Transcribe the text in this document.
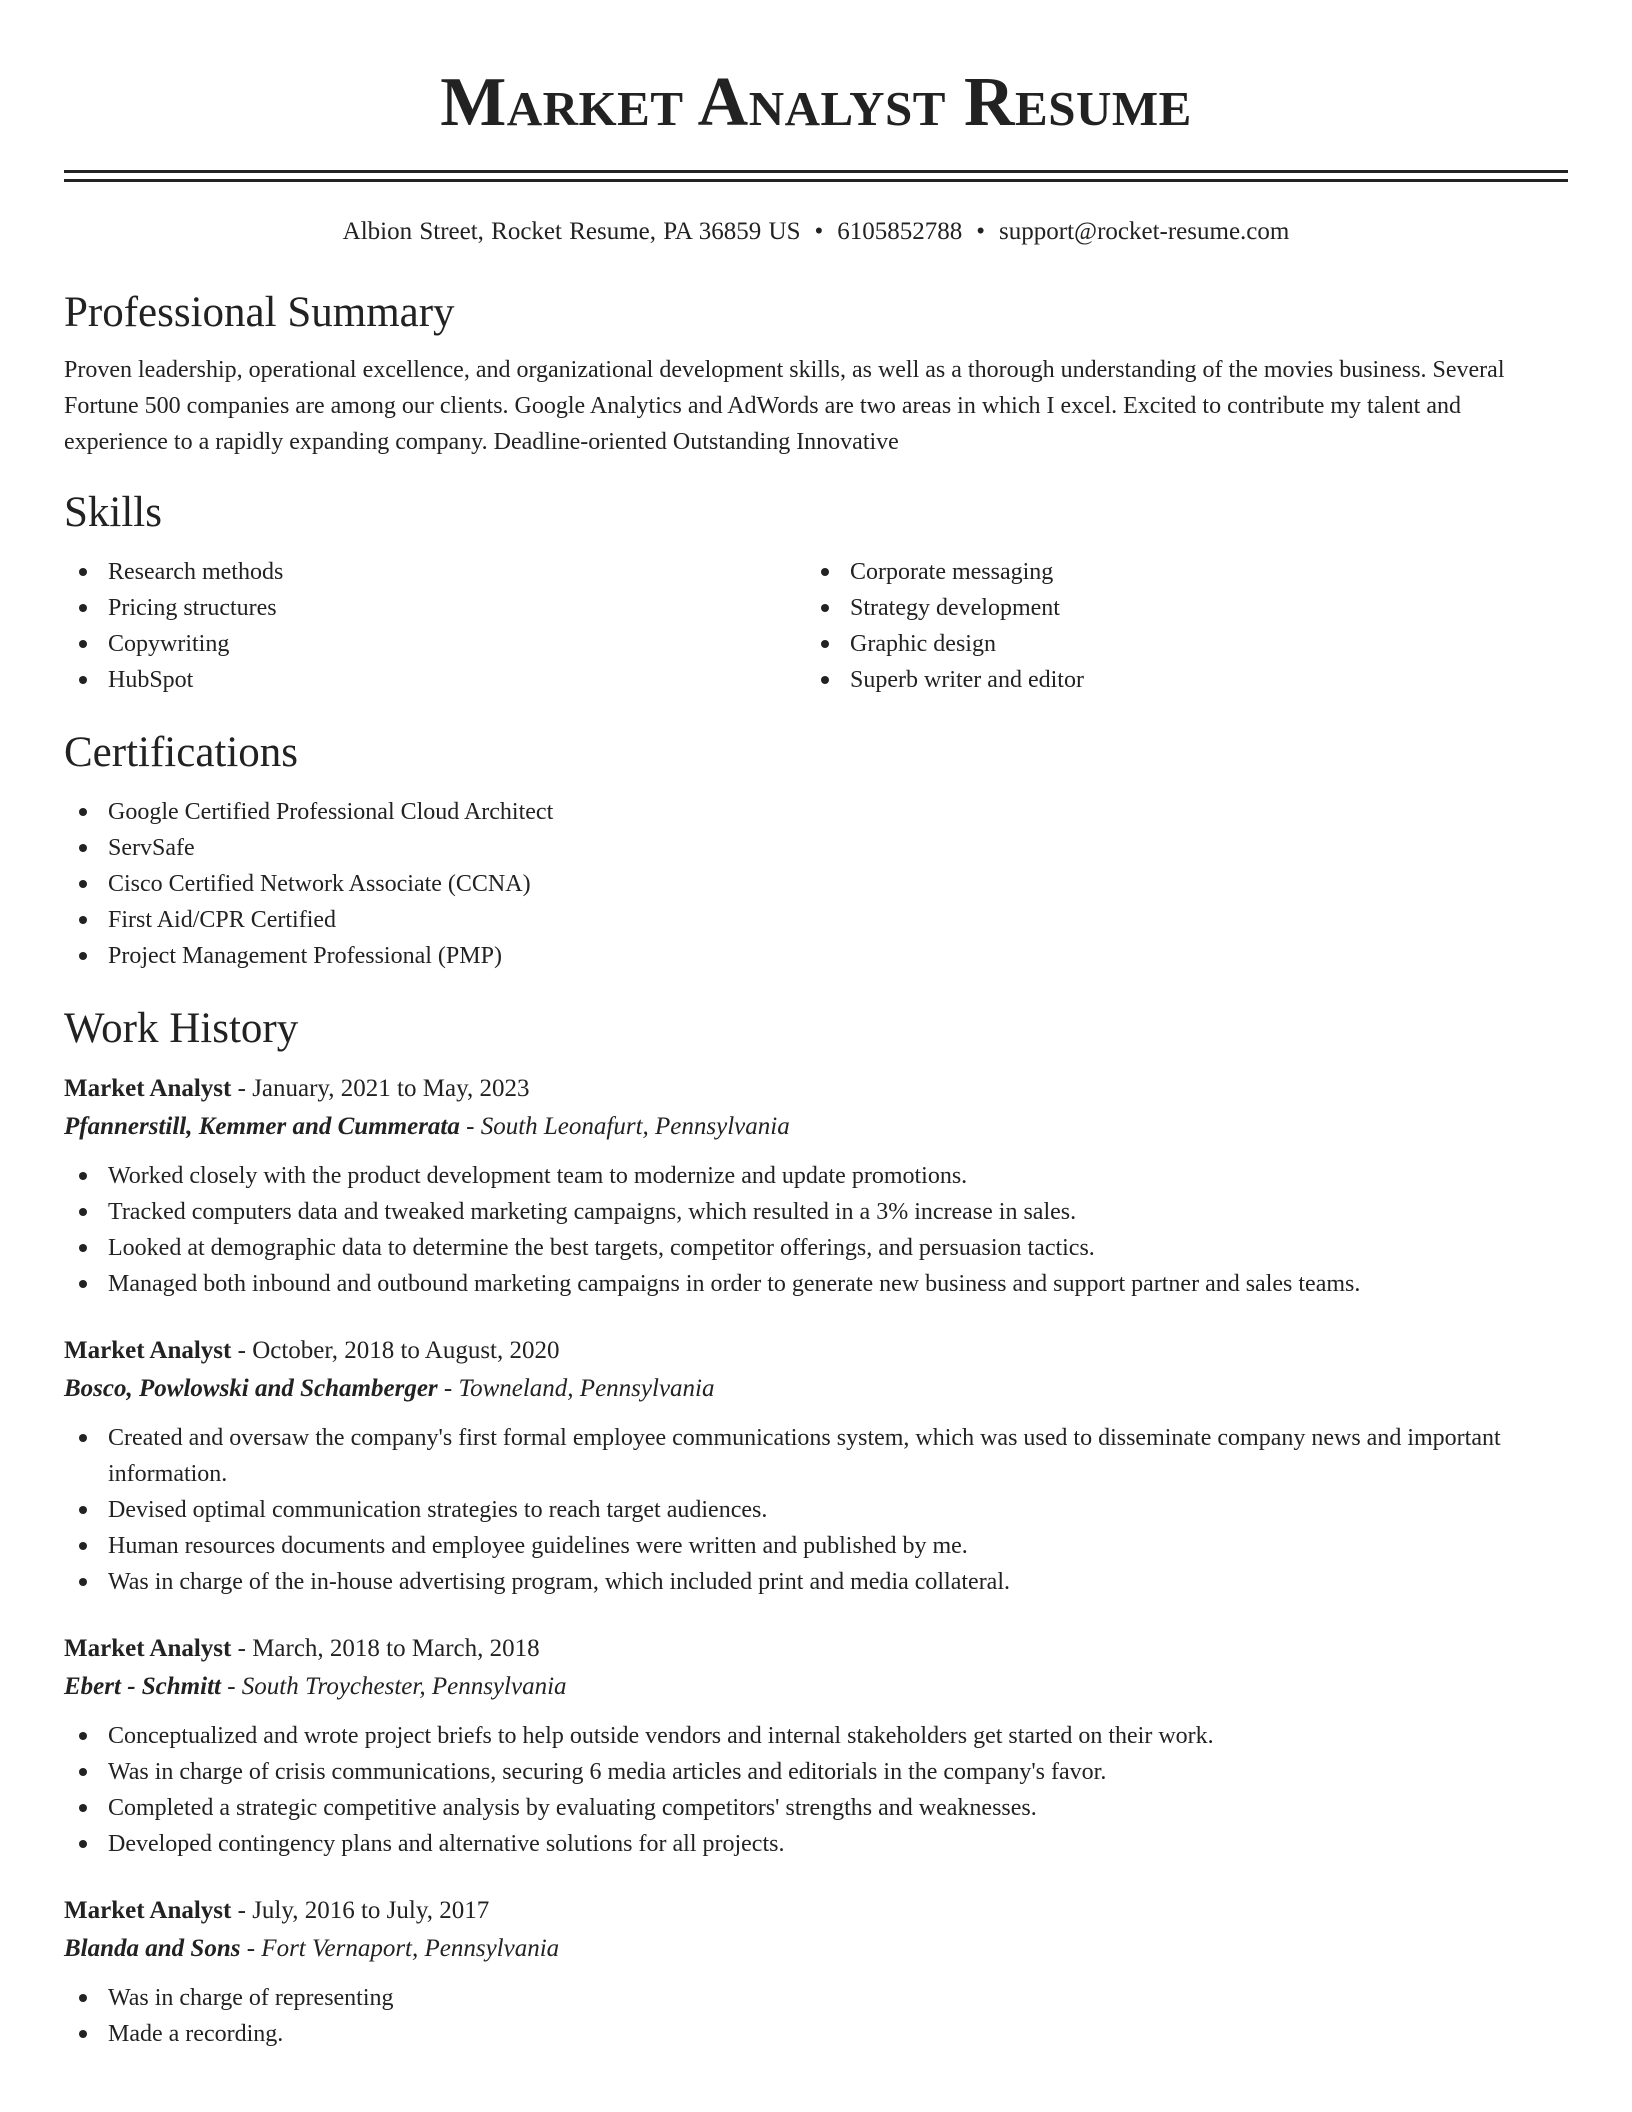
Market Analyst Resume
Albion Street, Rocket Resume, PA 36859 US • 6105852788 • support@rocket-resume.com
Professional Summary

Proven leadership, operational excellence, and organizational development skills, as well as a thorough understanding of the movies business. Several Fortune 500 companies are among our clients. Google Analytics and AdWords are two areas in which I excel. Excited to contribute my talent and experience to a rapidly expanding company. Deadline-oriented Outstanding Innovative

Skills
Research methods
Pricing structures
Copywriting
HubSpot
Corporate messaging
Strategy development
Graphic design
Superb writer and editor
Certifications
Google Certified Professional Cloud Architect
ServSafe
Cisco Certified Network Associate (CCNA)
First Aid/CPR Certified
Project Management Professional (PMP)
Work History
Market Analyst - January, 2021 to May, 2023
Pfannerstill, Kemmer and Cummerata - South Leonafurt, Pennsylvania
Worked closely with the product development team to modernize and update promotions.
Tracked computers data and tweaked marketing campaigns, which resulted in a 3% increase in sales.
Looked at demographic data to determine the best targets, competitor offerings, and persuasion tactics.
Managed both inbound and outbound marketing campaigns in order to generate new business and support partner and sales teams.
Market Analyst - October, 2018 to August, 2020
Bosco, Powlowski and Schamberger - Towneland, Pennsylvania
Created and oversaw the company's first formal employee communications system, which was used to disseminate company news and important information.
Devised optimal communication strategies to reach target audiences.
Human resources documents and employee guidelines were written and published by me.
Was in charge of the in-house advertising program, which included print and media collateral.
Market Analyst - March, 2018 to March, 2018
Ebert - Schmitt - South Troychester, Pennsylvania
Conceptualized and wrote project briefs to help outside vendors and internal stakeholders get started on their work.
Was in charge of crisis communications, securing 6 media articles and editorials in the company's favor.
Completed a strategic competitive analysis by evaluating competitors' strengths and weaknesses.
Developed contingency plans and alternative solutions for all projects.
Market Analyst - July, 2016 to July, 2017
Blanda and Sons - Fort Vernaport, Pennsylvania
Was in charge of representing
Made a recording.
